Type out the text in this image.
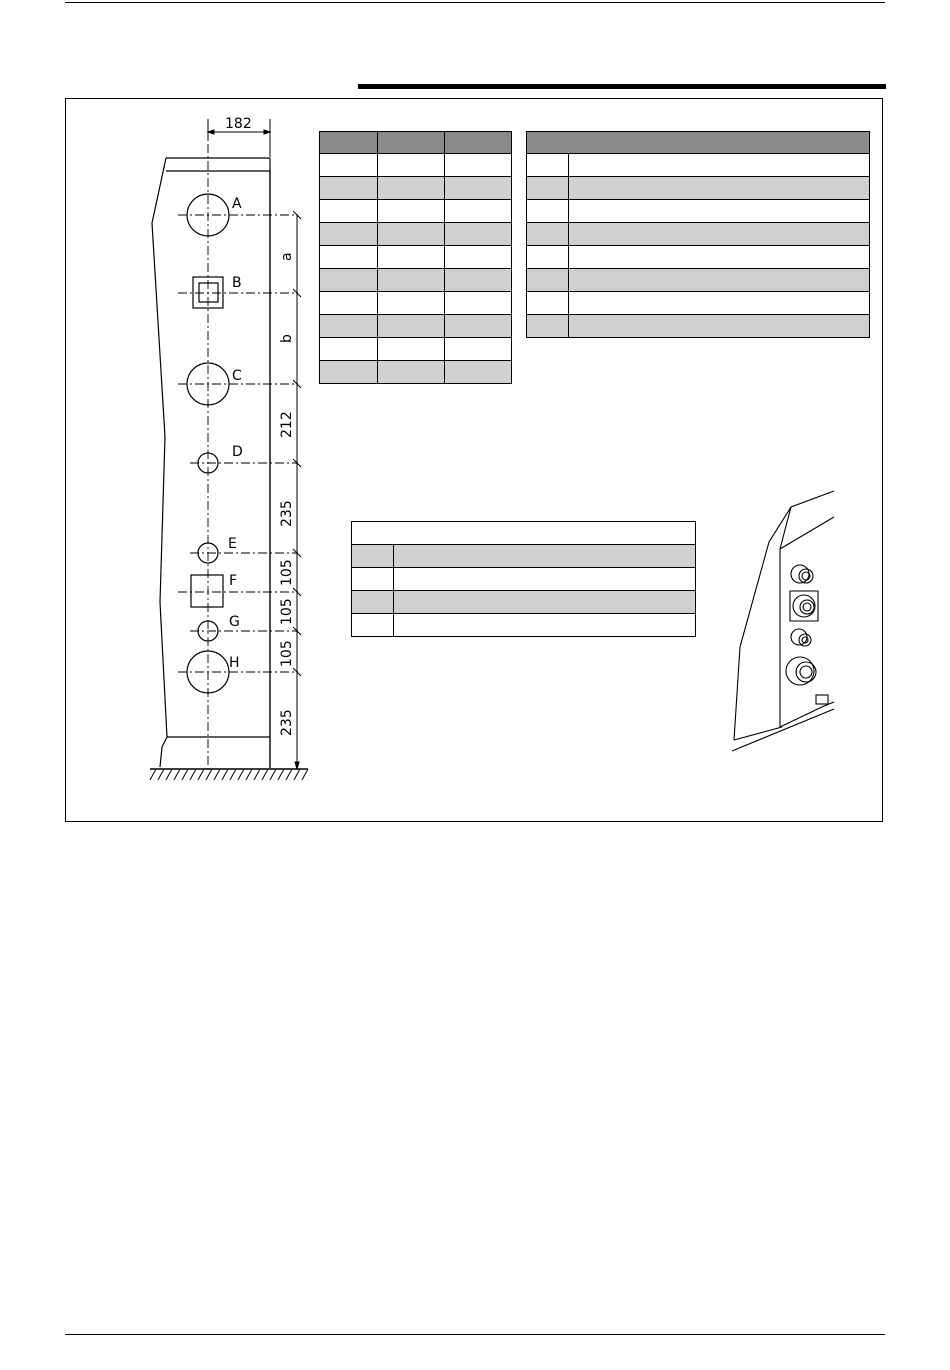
A
B
C
D
E
F
G
H
182
a
b
212
235
105
105
105
235
